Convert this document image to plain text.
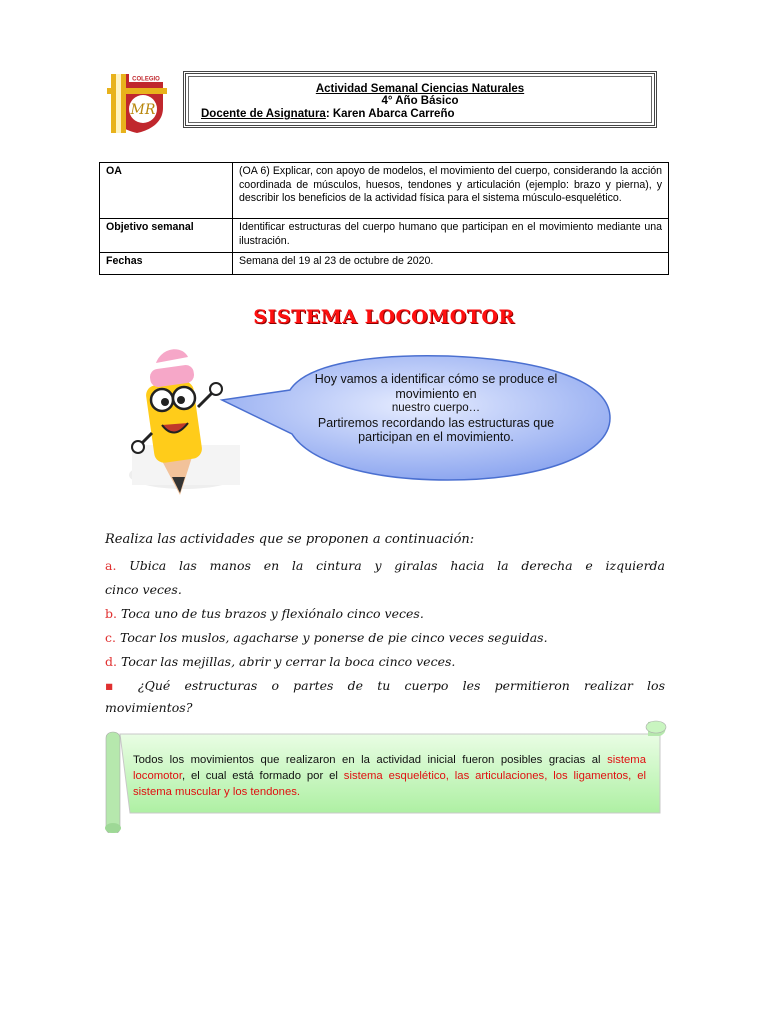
COLEGIO
MR
Actividad Semanal Ciencias Naturales
4° Año Básico
Docente de Asignatura: Karen Abarca Carreño
OA	(OA 6) Explicar, con apoyo de modelos, el movimiento del cuerpo, considerando la acción coordinada de músculos, huesos, tendones y articulación (ejemplo: brazo y pierna), y describir los beneficios de la actividad física para el sistema músculo-esquelético.
Objetivo semanal	Identificar estructuras del cuerpo humano que participan en el movimiento mediante una ilustración.
Fechas	Semana del 19 al 23 de octubre de 2020.
SISTEMA LOCOMOTOR
Hoy vamos a identificar cómo se produce el movimiento en
nuestro cuerpo…
Partiremos recordando las estructuras que participan en el movimiento.
Realiza las actividades que se proponen a continuación:
a. Ubica las manos en la cintura y giralas hacia la derecha e izquierda
cinco veces.
b. Toca uno de tus brazos y flexiónalo cinco veces.
c. Tocar los muslos, agacharse y ponerse de pie cinco veces seguidas.
d. Tocar las mejillas, abrir y cerrar la boca cinco veces.
▪ ¿Qué estructuras o partes de tu cuerpo les permitieron realizar los
movimientos?
Todos los movimientos que realizaron en la actividad inicial fueron posibles gracias al sistema locomotor, el cual está formado por el sistema esquelético, las articulaciones, los ligamentos, el sistema muscular y los tendones.
